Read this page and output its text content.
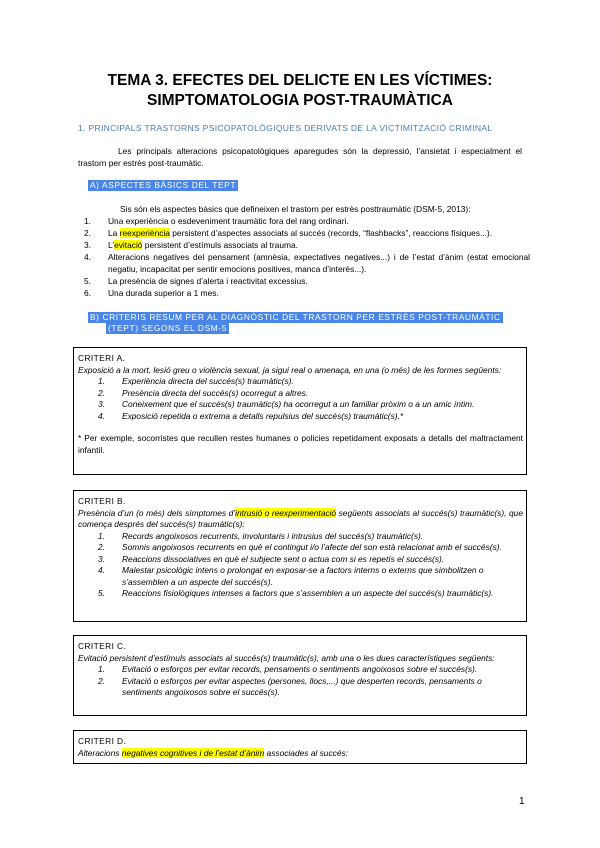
TEMA 3. EFECTES DEL DELICTE EN LES VÍCTIMES:
SIMPTOMATOLOGIA POST-TRAUMÀTICA
1. PRINCIPALS TRASTORNS PSICOPATOLÒGIQUES DERIVATS DE LA VICTIMITZACIÓ CRIMINAL
Les principals alteracions psicopatològiques aparegudes són la depressió, l’ansietat i especialment el trastorn per estrès post-traumàtic.
A) ASPECTES BÀSICS DEL TEPT
Sis són els aspectes bàsics que defineixen el trastorn per estrès posttraumàtic (DSM-5, 2013):
1.	Una experiència o esdeveniment traumàtic fora del rang ordinari.
2.	La reexperiència persistent d’aspectes associats al succés (records, “flashbacks”, reaccions físiques...).
3.	L’evitació persistent d’estímuls associats al trauma.
4.	Alteracions negatives del pensament (amnèsia, expectatives negatives...) i de l’estat d’ànim (estat emocional negatiu, incapacitat per sentir emocions positives, manca d’interès...).
5.	La presència de signes d’alerta i reactivitat excessius.
6.	Una durada superior a 1 mes.
B) CRITERIS RESUM PER AL DIAGNÒSTIC DEL TRASTORN PER ESTRÈS POST-TRAUMÀTIC
(TEPT) SEGONS EL DSM-5
CRITERI A.
Exposició a la mort, lesió greu o violència sexual, ja sigui real o amenaça, en una (o més) de les formes següents:
1.	Experiència directa del succés(s) traumàtic(s).
2.	Presència directa del succés(s) ocorregut a altres.
3.	Coneixement que el succés(s) traumàtic(s) ha ocorregut a un familiar pròxim o a un amic íntim.
4.	Exposició repetida o extrema a detalls repulsius del succés(s) traumàtic(s).*
* Per exemple, socorristes que recullen restes humanes o policies repetidament exposats a detalls del maltractament infantil.
CRITERI B.
Presència d’un (o més) dels símptomes d’intrusió o reexperimentació següents associats al succés(s) traumàtic(s), que comença després del succés(s) traumàtic(s):
1.	Records angoixosos recurrents, involuntaris i intrusius del succés(s) traumàtic(s).
2.	Somnis angoixosos recurrents en què el contingut i/o l’afecte del son està relacionat amb el succés(s).
3.	Reaccions dissociatives en què el subjecte sent o actua com si es repetís el succés(s).
4.	Malestar psicològic intens o prolongat en exposar-se a factors interns o externs que simbolitzen o s’assemblen a un aspecte del succés(s).
5.	Reaccions fisiològiques intenses a factors que s’assemblen a un aspecte del succés(s) traumàtic(s).
CRITERI C.
Evitació persistent d’estímuls associats al succés(s) traumàtic(s), amb una o les dues característiques següents:
1.	Evitació o esforços per evitar records, pensaments o sentiments angoixosos sobre el succés(s).
2.	Evitació o esforços per evitar aspectes (persones, llocs,...) que desperten records, pensaments o sentiments angoixosos sobre el succés(s).
CRITERI D.
Alteracions negatives cognitives i de l’estat d’ànim associades al succés:
1
